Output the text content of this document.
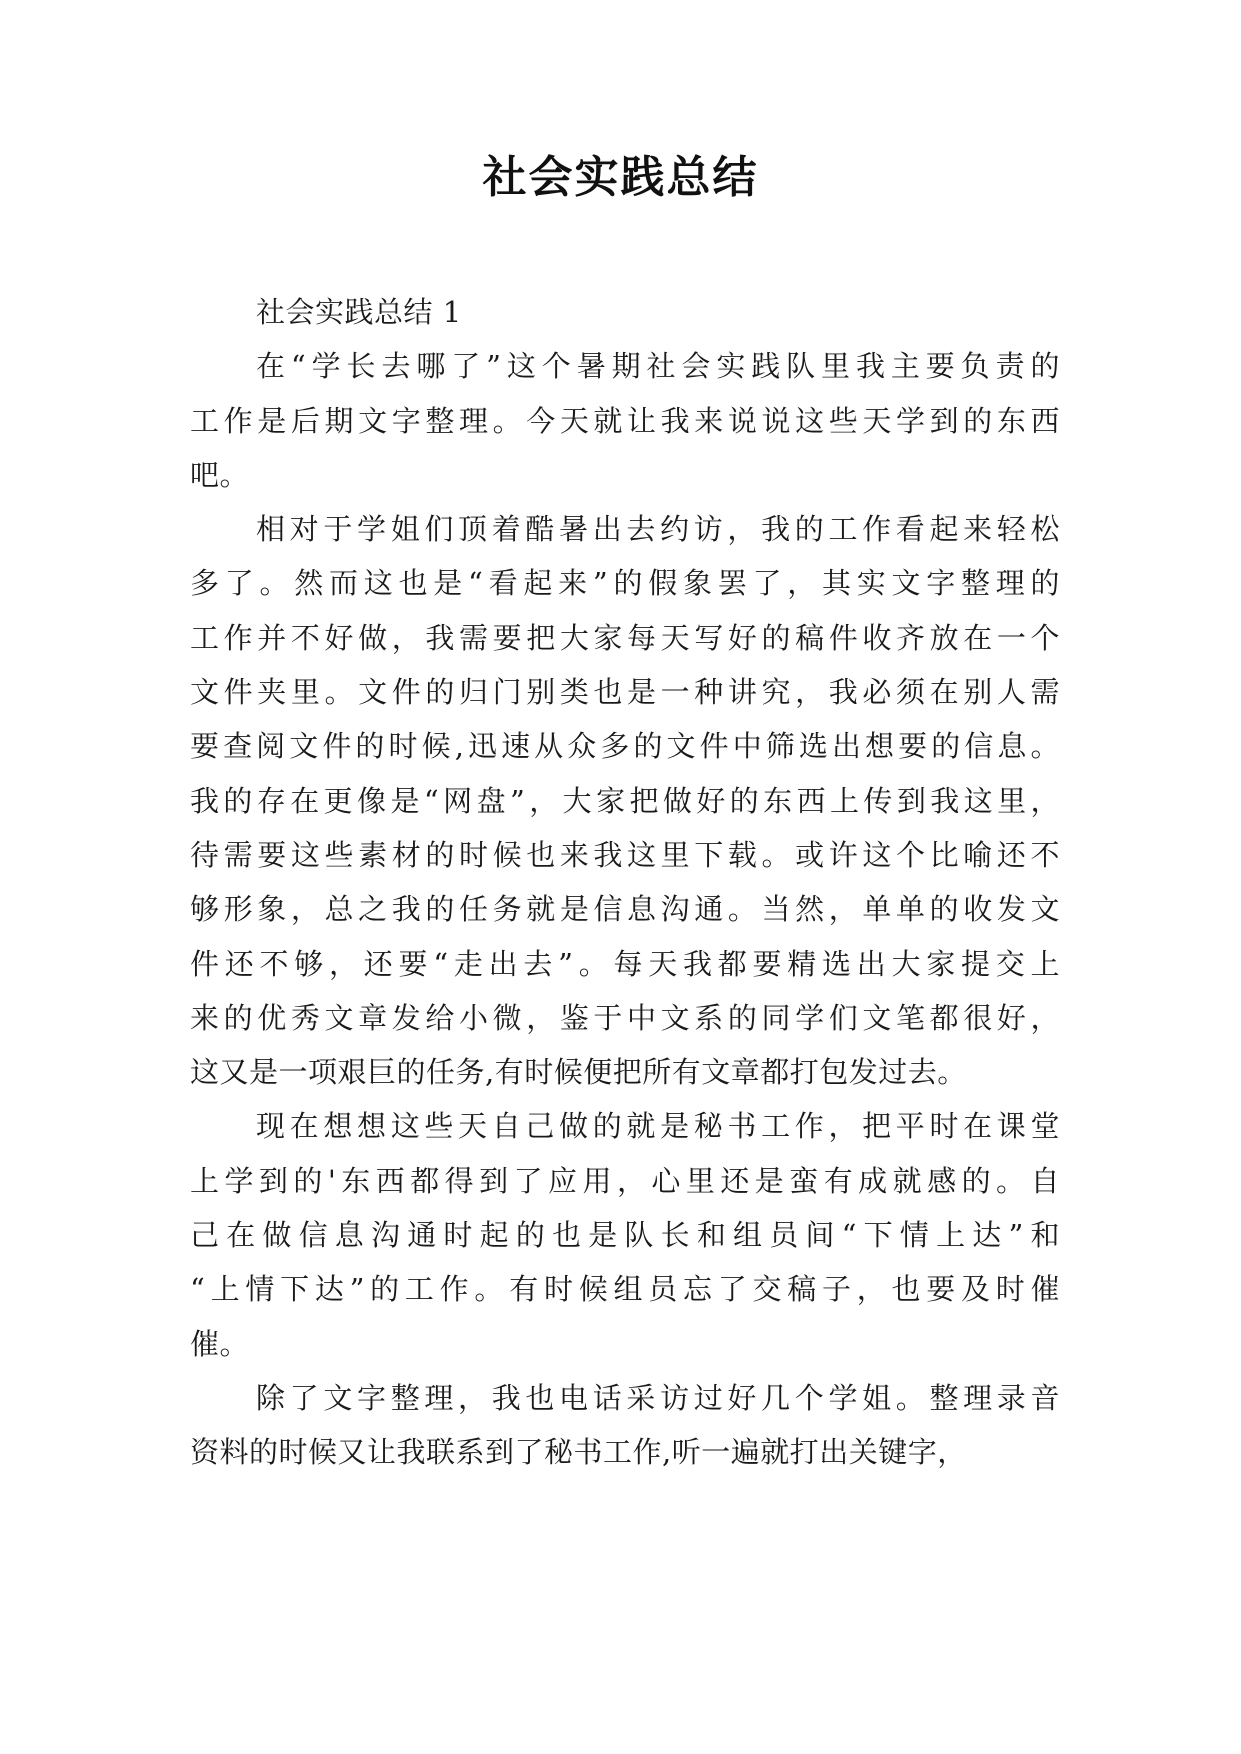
社会实践总结
社会实践总结 1
在“学长去哪了”这个暑期社会实践队里我主要负责的
工作是后期文字整理。今天就让我来说说这些天学到的东西
吧。
相对于学姐们顶着酷暑出去约访，我的工作看起来轻松
多了。然而这也是“看起来”的假象罢了，其实文字整理的
工作并不好做，我需要把大家每天写好的稿件收齐放在一个
文件夹里。文件的归门别类也是一种讲究，我必须在别人需
要查阅文件的时候,迅速从众多的文件中筛选出想要的信息。
我的存在更像是“网盘”，大家把做好的东西上传到我这里，
待需要这些素材的时候也来我这里下载。或许这个比喻还不
够形象，总之我的任务就是信息沟通。当然，单单的收发文
件还不够，还要“走出去”。每天我都要精选出大家提交上
来的优秀文章发给小微，鉴于中文系的同学们文笔都很好，
这又是一项艰巨的任务,有时候便把所有文章都打包发过去。
现在想想这些天自己做的就是秘书工作，把平时在课堂
上学到的'东西都得到了应用，心里还是蛮有成就感的。自
己在做信息沟通时起的也是队长和组员间“下情上达”和
“上情下达”的工作。有时候组员忘了交稿子，也要及时催
催。
除了文字整理，我也电话采访过好几个学姐。整理录音
资料的时候又让我联系到了秘书工作,听一遍就打出关键字，
